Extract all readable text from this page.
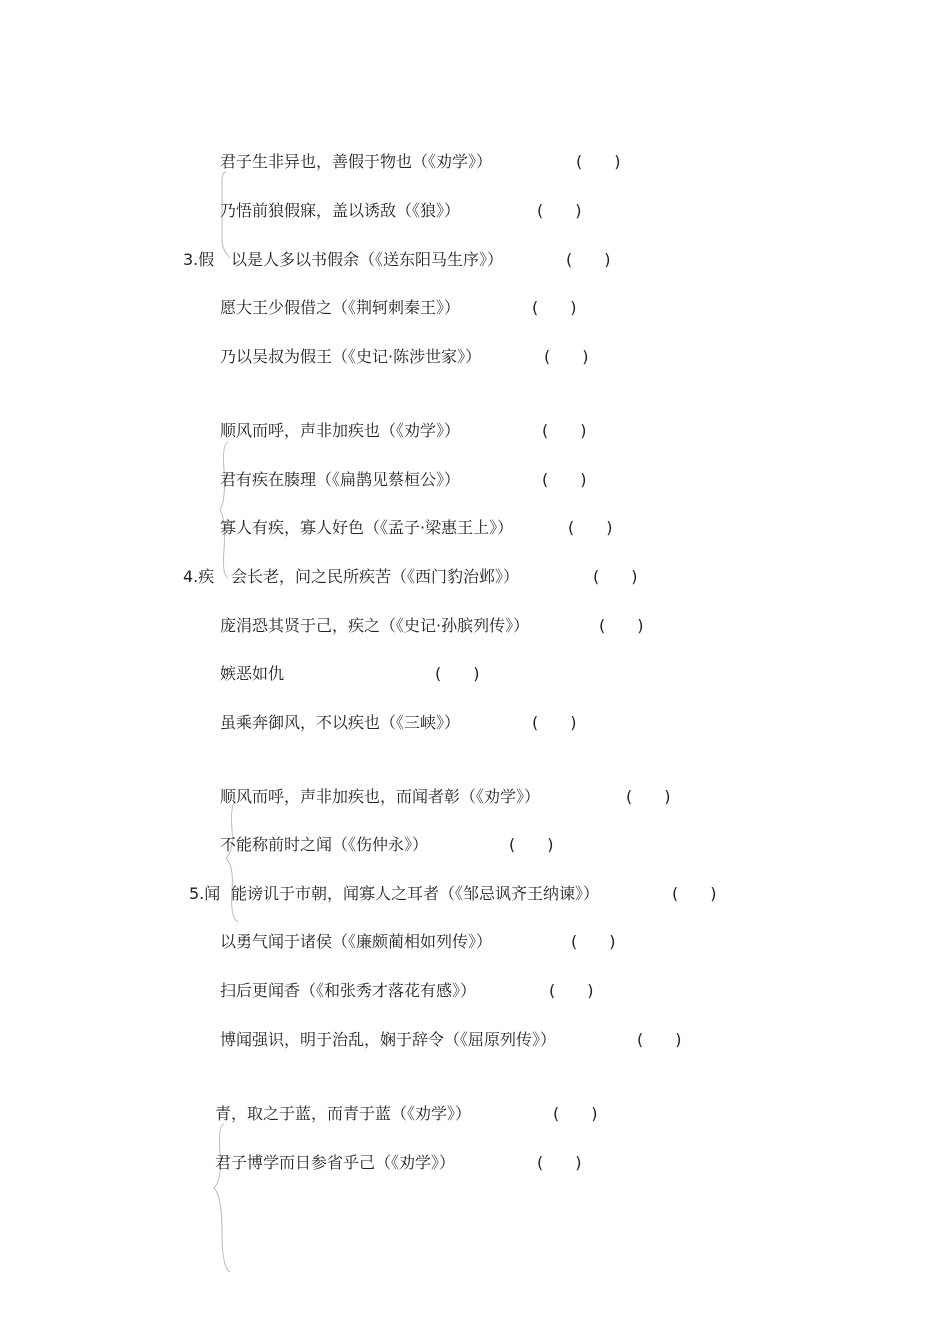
3.假
君子生非异也，善假于物也（《劝学》）	(　　)
乃悟前狼假寐，盖以诱敌（《狼》）	(　　)
以是人多以书假余（《送东阳马生序》）	(　　)
愿大王少假借之（《荆轲刺秦王》）	(　　)
乃以吴叔为假王（《史记·陈涉世家》）	(　　)
4.疾
顺风而呼，声非加疾也（《劝学》）	(　　)
君有疾在腠理（《扁鹊见蔡桓公》）	(　　)
寡人有疾，寡人好色（《孟子·梁惠王上》）	(　　)
会长老，问之民所疾苦（《西门豹治邺》）	(　　)
庞涓恐其贤于己，疾之（《史记·孙膑列传》）	(　　)
嫉恶如仇	(　　)
虽乘奔御风，不以疾也（《三峡》）	(　　)
5.闻
顺风而呼，声非加疾也，而闻者彰（《劝学》）	(　　)
不能称前时之闻（《伤仲永》）	(　　)
能谤讥于市朝，闻寡人之耳者（《邹忌讽齐王纳谏》）	(　　)
以勇气闻于诸侯（《廉颇蔺相如列传》）	(　　)
扫后更闻香（《和张秀才落花有感》）	(　　)
博闻强识，明于治乱，娴于辞令（《屈原列传》）	(　　)
青，取之于蓝，而青于蓝（《劝学》）	(　　)
君子博学而日参省乎己（《劝学》）	(　　)
